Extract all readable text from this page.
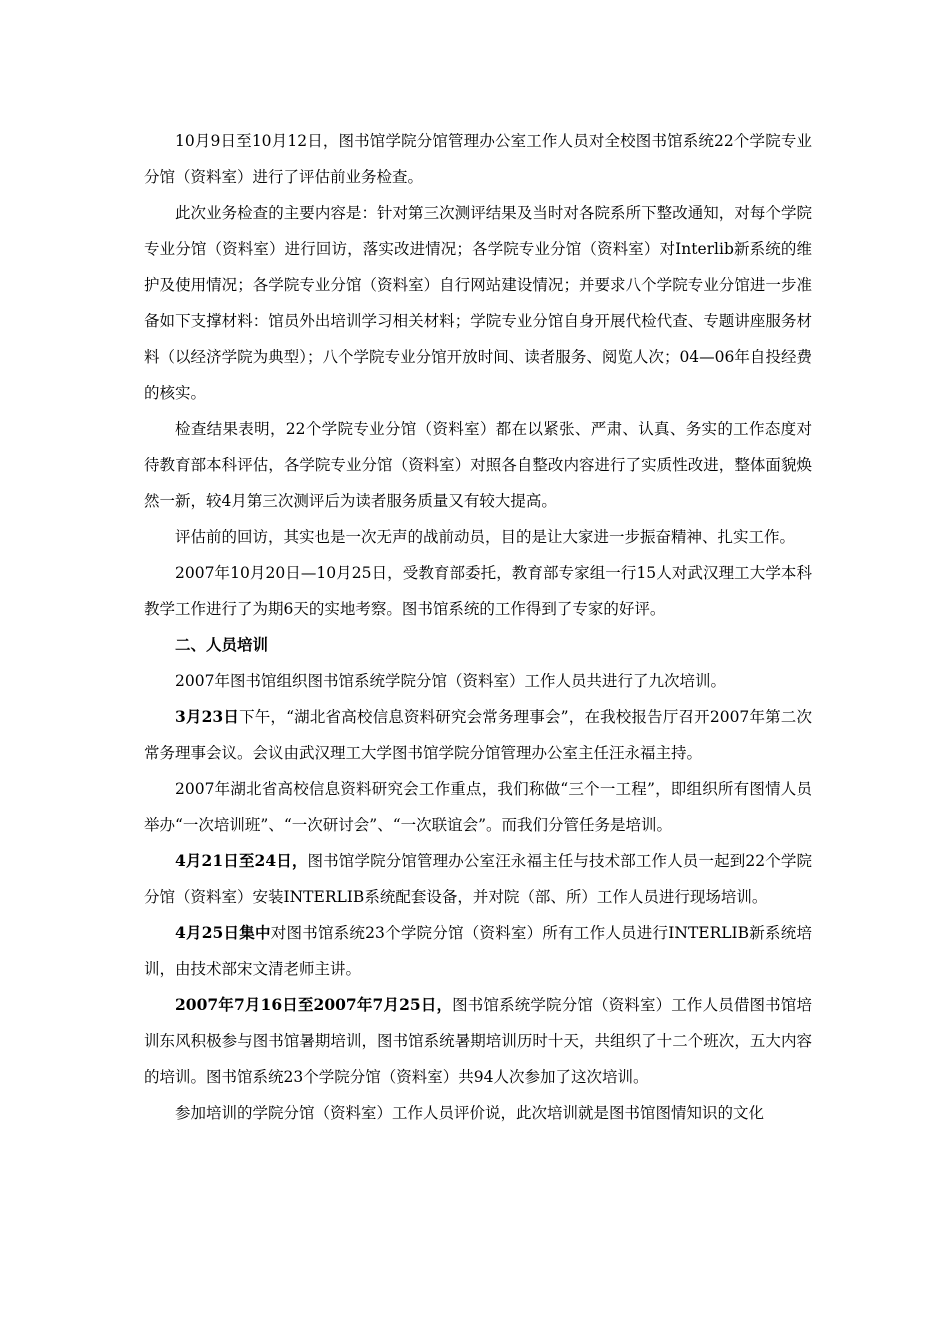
10月9日至10月12日，图书馆学院分馆管理办公室工作人员对全校图书馆系统22个学院专业分馆（资料室）进行了评估前业务检查。

此次业务检查的主要内容是：针对第三次测评结果及当时对各院系所下整改通知，对每个学院专业分馆（资料室）进行回访，落实改进情况；各学院专业分馆（资料室）对Interlib新系统的维护及使用情况；各学院专业分馆（资料室）自行网站建设情况；并要求八个学院专业分馆进一步准备如下支撑材料：馆员外出培训学习相关材料；学院专业分馆自身开展代检代查、专题讲座服务材料（以经济学院为典型）；八个学院专业分馆开放时间、读者服务、阅览人次；04—06年自投经费的核实。

检查结果表明，22个学院专业分馆（资料室）都在以紧张、严肃、认真、务实的工作态度对待教育部本科评估，各学院专业分馆（资料室）对照各自整改内容进行了实质性改进，整体面貌焕然一新，较4月第三次测评后为读者服务质量又有较大提高。

评估前的回访，其实也是一次无声的战前动员，目的是让大家进一步振奋精神、扎实工作。

2007年10月20日—10月25日，受教育部委托，教育部专家组一行15人对武汉理工大学本科教学工作进行了为期6天的实地考察。图书馆系统的工作得到了专家的好评。

二、人员培训

2007年图书馆组织图书馆系统学院分馆（资料室）工作人员共进行了九次培训。

3月23日下午，“湖北省高校信息资料研究会常务理事会”，在我校报告厅召开2007年第二次常务理事会议。会议由武汉理工大学图书馆学院分馆管理办公室主任汪永福主持。

2007年湖北省高校信息资料研究会工作重点，我们称做“三个一工程”，即组织所有图情人员举办“一次培训班”、“一次研讨会”、“一次联谊会”。而我们分管任务是培训。

4月21日至24日，图书馆学院分馆管理办公室汪永福主任与技术部工作人员一起到22个学院分馆（资料室）安装INTERLIB系统配套设备，并对院（部、所）工作人员进行现场培训。

4月25日集中对图书馆系统23个学院分馆（资料室）所有工作人员进行INTERLIB新系统培训，由技术部宋文清老师主讲。

2007年7月16日至2007年7月25日，图书馆系统学院分馆（资料室）工作人员借图书馆培训东风积极参与图书馆暑期培训，图书馆系统暑期培训历时十天，共组织了十二个班次，五大内容的培训。图书馆系统23个学院分馆（资料室）共94人次参加了这次培训。

参加培训的学院分馆（资料室）工作人员评价说，此次培训就是图书馆图情知识的文化
